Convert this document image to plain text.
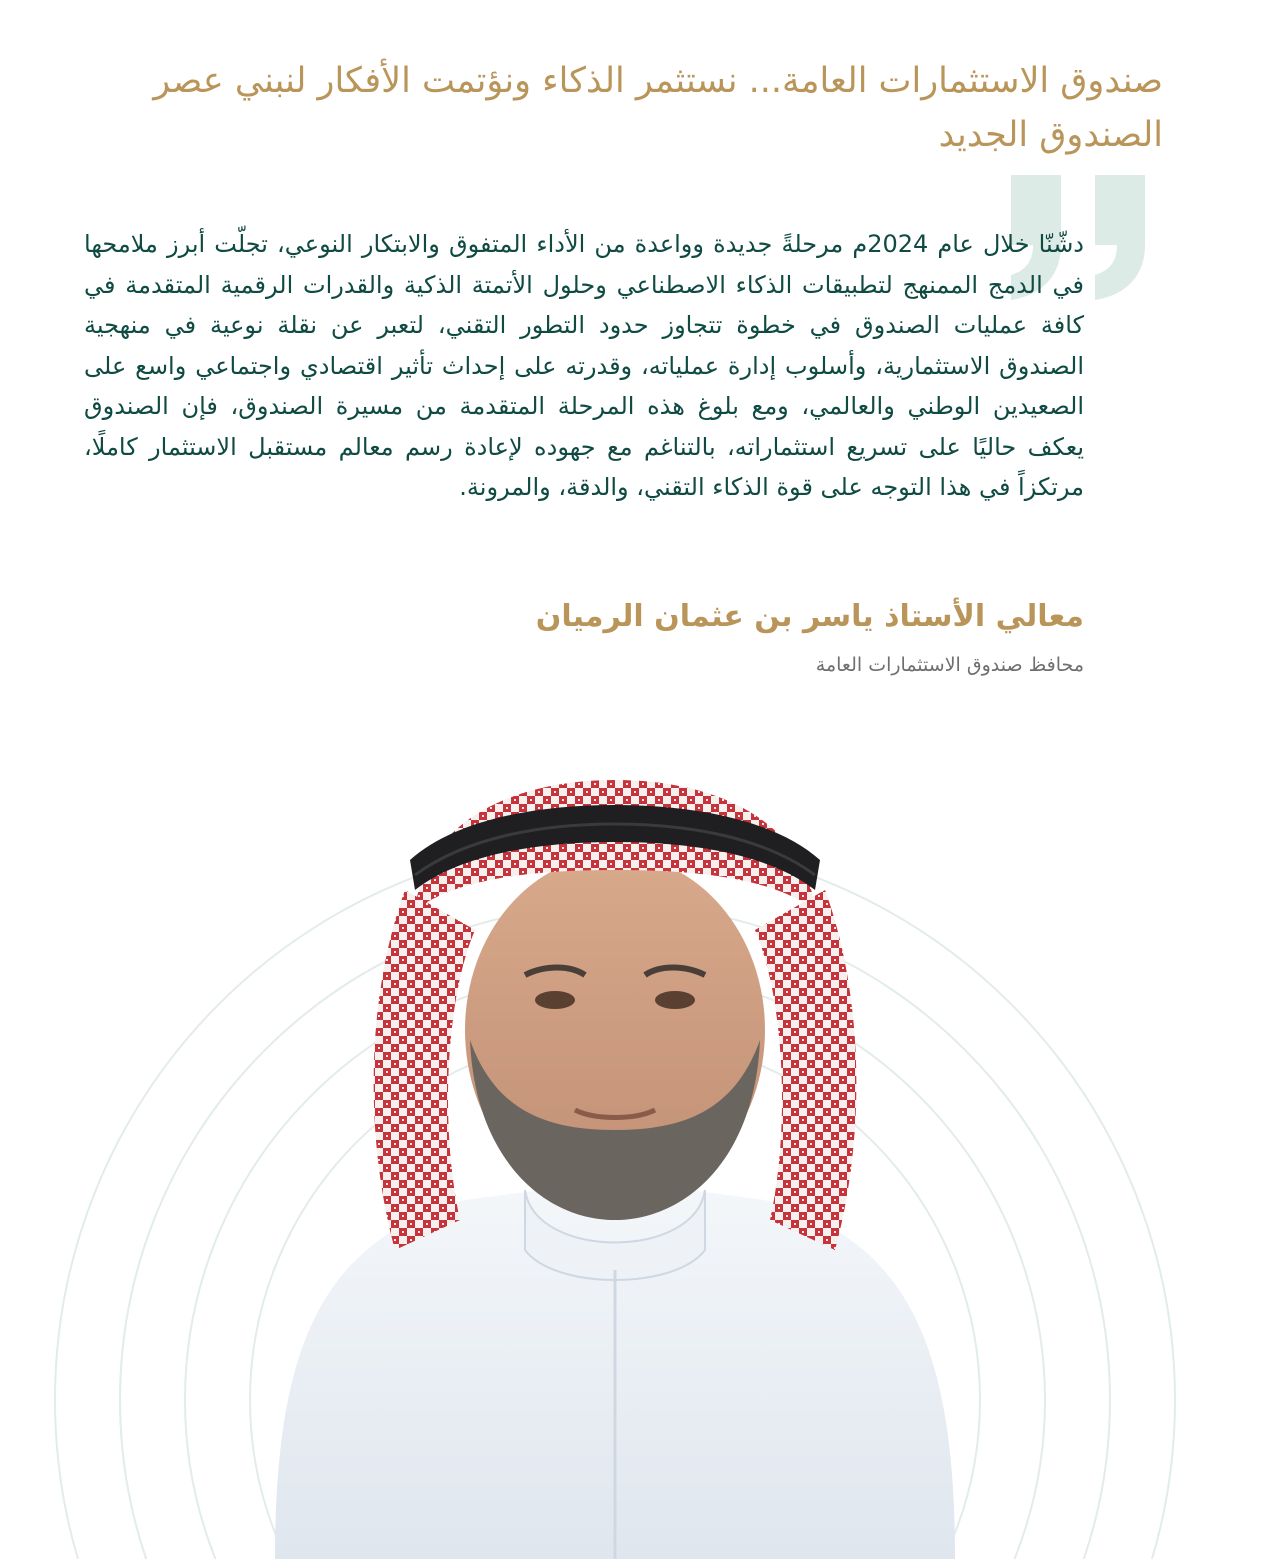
صندوق الاستثمارات العامة... نستثمر الذكاء ونؤتمت الأفكار لنبني عصر الصندوق الجديد

دشّنّا خلال عام 2024م مرحلةً جديدة وواعدة من الأداء المتفوق والابتكار النوعي، تجلّت أبرز ملامحها في الدمج الممنهج لتطبيقات الذكاء الاصطناعي وحلول الأتمتة الذكية والقدرات الرقمية المتقدمة في كافة عمليات الصندوق في خطوة تتجاوز حدود التطور التقني، لتعبر عن نقلة نوعية في منهجية الصندوق الاستثمارية، وأسلوب إدارة عملياته، وقدرته على إحداث تأثير اقتصادي واجتماعي واسع على الصعيدين الوطني والعالمي، ومع بلوغ هذه المرحلة المتقدمة من مسيرة الصندوق، فإن الصندوق يعكف حاليًا على تسريع استثماراته، بالتناغم مع جهوده لإعادة رسم معالم مستقبل الاستثمار كاملًا، مرتكزاً في هذا التوجه على قوة الذكاء التقني، والدقة، والمرونة.

معالي الأستاذ ياسر بن عثمان الرميان

محافظ صندوق الاستثمارات العامة
